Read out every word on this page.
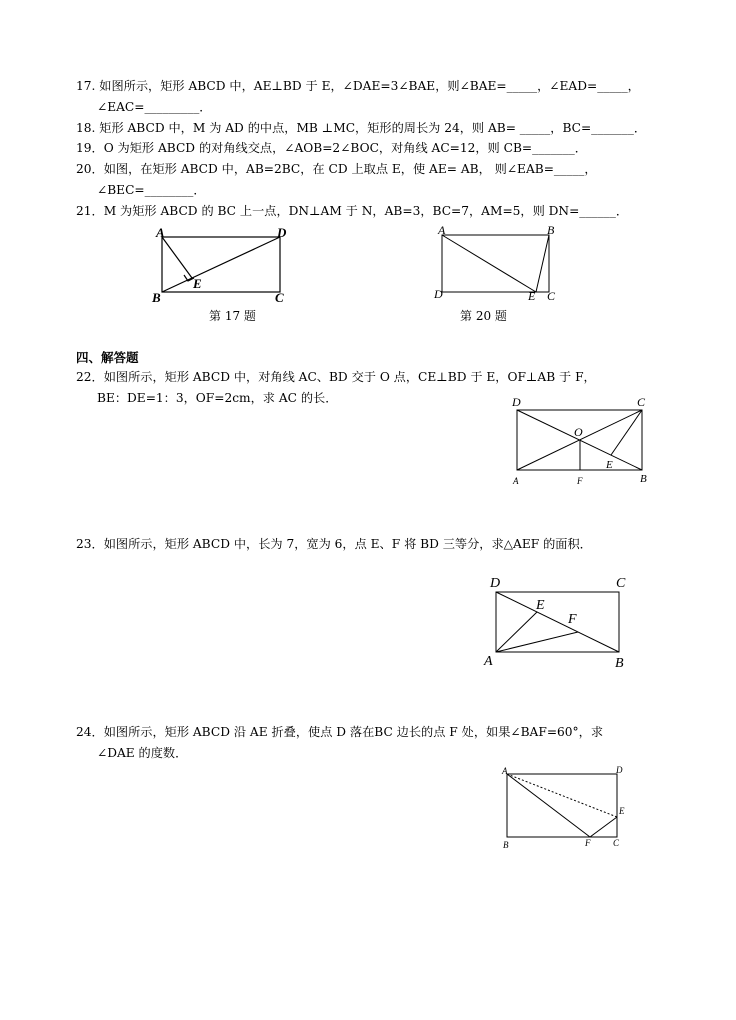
17. 如图所示，矩形 ABCD 中，AE⊥BD 于 E，∠DAE=3∠BAE，则∠BAE=_____，∠EAD=_____，
∠EAC=_________．
18. 矩形 ABCD 中，M 为 AD 的中点，MB ⊥MC，矩形的周长为 24，则 AB= _____，BC=_______．
19．O 为矩形 ABCD 的对角线交点，∠AOB=2∠BOC，对角线 AC=12，则 CB=_______．
20．如图，在矩形 ABCD 中，AB=2BC，在 CD 上取点 E，使 AE= AB， 则∠EAB=_____，
∠BEC=________．
21．M 为矩形 ABCD 的 BC 上一点，DN⊥AM 于 N，AB=3，BC=7，AM=5，则 DN=______．
A	D
B	C
E
第 17 题
A	B
D	E C
第 20 题
四、解答题
22．如图所示，矩形 ABCD 中，对角线 AC、BD 交于 O 点，CE⊥BD 于 E，OF⊥AB 于 F，
BE：DE=1：3，OF=2cm，求 AC 的长．	D	C
O
E
A	F	B
23．如图所示，矩形 ABCD 中，长为 7，宽为 6，点 E、F 将 BD 三等分，求△AEF 的面积．
D	C
E
F
A	B
24．如图所示，矩形 ABCD 沿 AE 折叠，使点 D 落在BC 边长的点 F 处，如果∠BAF=60°，求
∠DAE 的度数．
A	D
E
B	F	C
